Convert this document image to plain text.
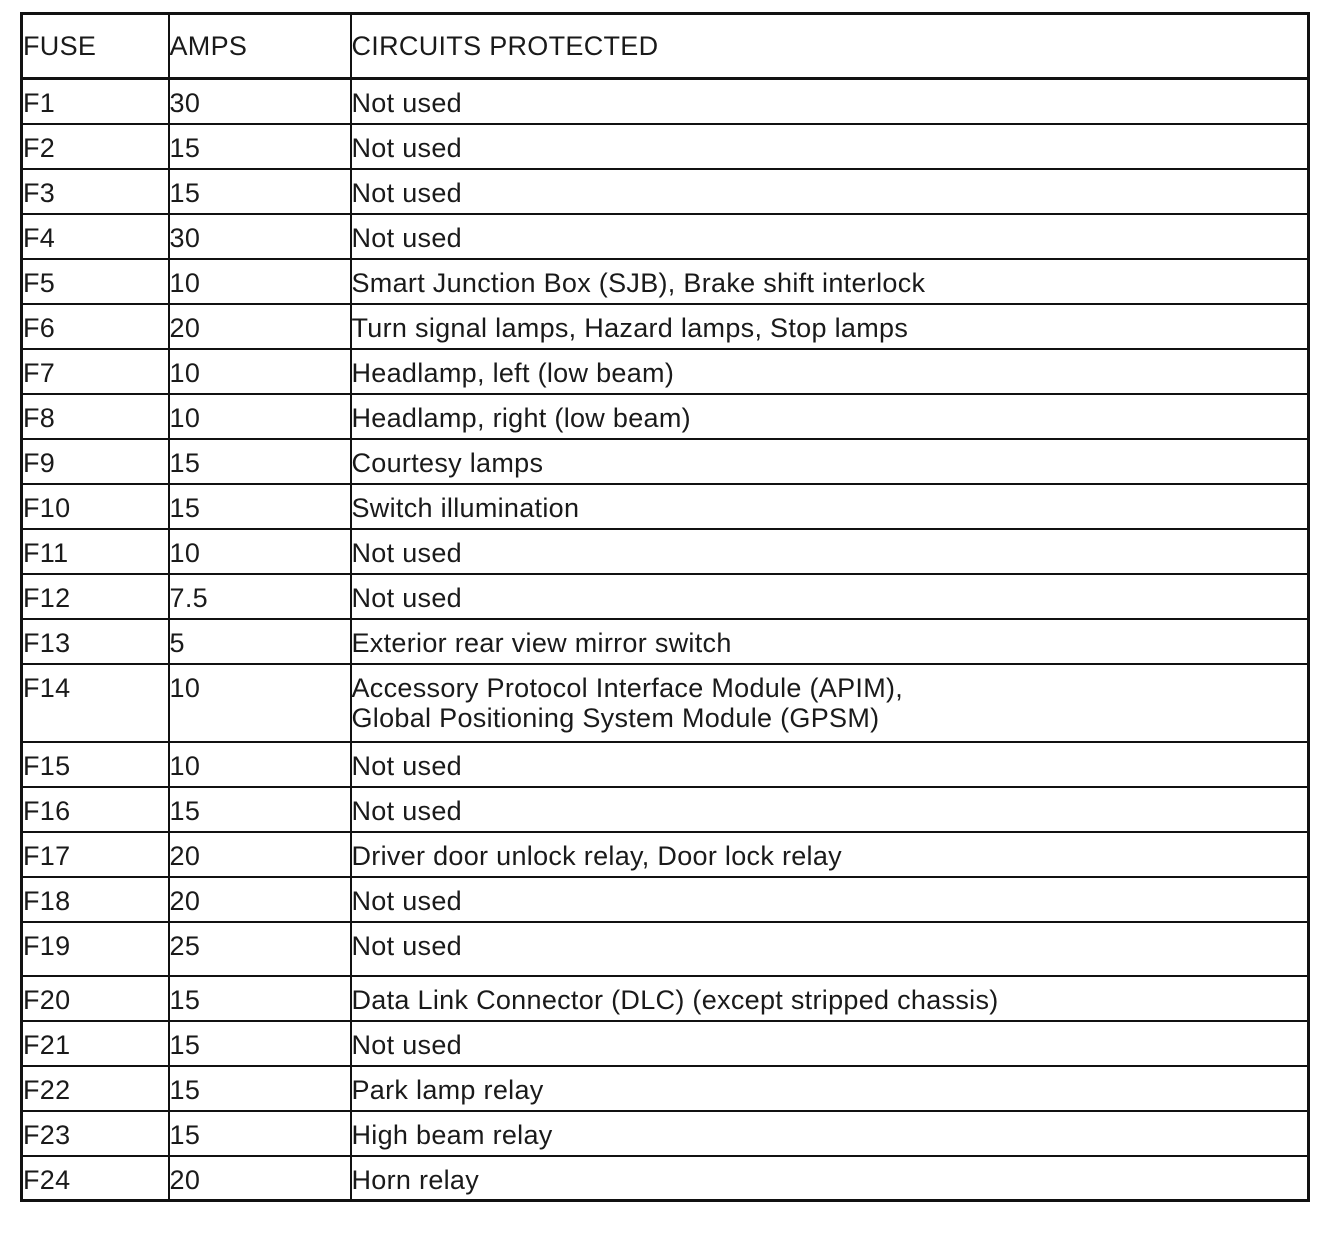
FUSE	AMPS	CIRCUITS PROTECTED
F1	30	Not used

F2	15	Not used

F3	15	Not used

F4	30	Not used

F5	10	Smart Junction Box (SJB), Brake shift interlock

F6	20	Turn signal lamps, Hazard lamps, Stop lamps

F7	10	Headlamp, left (low beam)

F8	10	Headlamp, right (low beam)

F9	15	Courtesy lamps

F10	15	Switch illumination

F11	10	Not used

F12	7.5	Not used

F13	5	Exterior rear view mirror switch

F14	10	Accessory Protocol Interface Module (APIM),
Global Positioning System Module (GPSM)

F15	10	Not used

F16	15	Not used

F17	20	Driver door unlock relay, Door lock relay

F18	20	Not used

F19	25	Not used

F20	15	Data Link Connector (DLC) (except stripped chassis)

F21	15	Not used

F22	15	Park lamp relay

F23	15	High beam relay

F24	20	Horn relay
